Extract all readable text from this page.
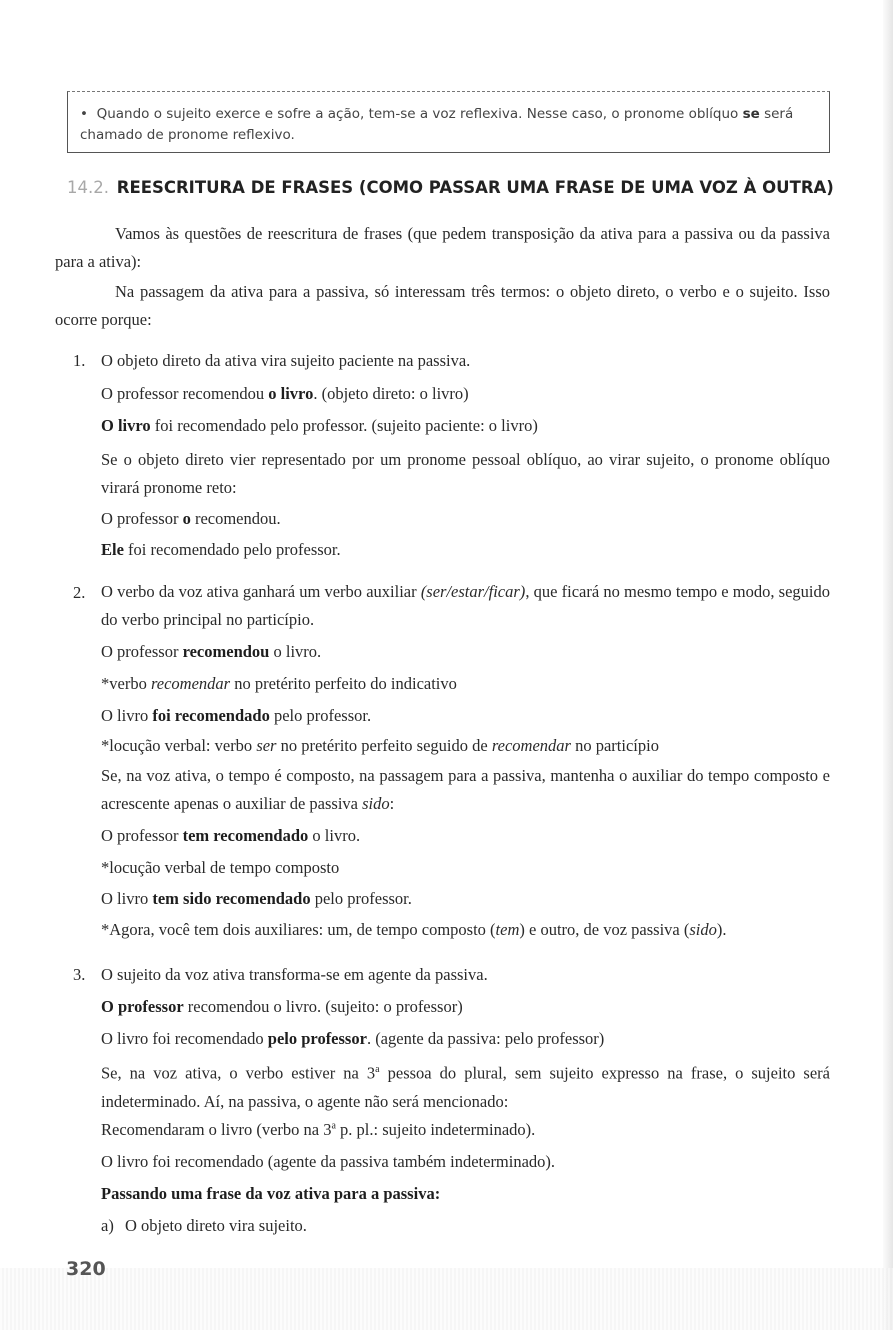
• Quando o sujeito exerce e sofre a ação, tem-se a voz reflexiva. Nesse caso, o pronome oblíquo se será chamado de pronome reflexivo.
14.2. REESCRITURA DE FRASES (COMO PASSAR UMA FRASE DE UMA VOZ À OUTRA)

Vamos às questões de reescritura de frases (que pedem transposição da ativa para a passiva ou da passiva para a ativa):

Na passagem da ativa para a passiva, só interessam três termos: o objeto direto, o verbo e o sujeito. Isso ocorre porque:

1. O objeto direto da ativa vira sujeito paciente na passiva.

O professor recomendou o livro. (objeto direto: o livro)

O livro foi recomendado pelo professor. (sujeito paciente: o livro)

Se o objeto direto vier representado por um pronome pessoal oblíquo, ao virar sujeito, o pronome oblíquo virará pronome reto:

O professor o recomendou.

Ele foi recomendado pelo professor.

2. O verbo da voz ativa ganhará um verbo auxiliar (ser/estar/ficar), que ficará no mesmo tempo e modo, seguido do verbo principal no particípio.

O professor recomendou o livro.

*verbo recomendar no pretérito perfeito do indicativo

O livro foi recomendado pelo professor.

*locução verbal: verbo ser no pretérito perfeito seguido de recomendar no particípio

Se, na voz ativa, o tempo é composto, na passagem para a passiva, mantenha o auxiliar do tempo composto e acrescente apenas o auxiliar de passiva sido:

O professor tem recomendado o livro.

*locução verbal de tempo composto

O livro tem sido recomendado pelo professor.

*Agora, você tem dois auxiliares: um, de tempo composto (tem) e outro, de voz passiva (sido).

3. O sujeito da voz ativa transforma-se em agente da passiva.

O professor recomendou o livro. (sujeito: o professor)

O livro foi recomendado pelo professor. (agente da passiva: pelo professor)

Se, na voz ativa, o verbo estiver na 3$^a$ pessoa do plural, sem sujeito expresso na frase, o sujeito será indeterminado. Aí, na passiva, o agente não será mencionado:

Recomendaram o livro (verbo na 3$^a$ p. pl.: sujeito indeterminado).

O livro foi recomendado (agente da passiva também indeterminado).

Passando uma frase da voz ativa para a passiva:

a) O objeto direto vira sujeito.

320
